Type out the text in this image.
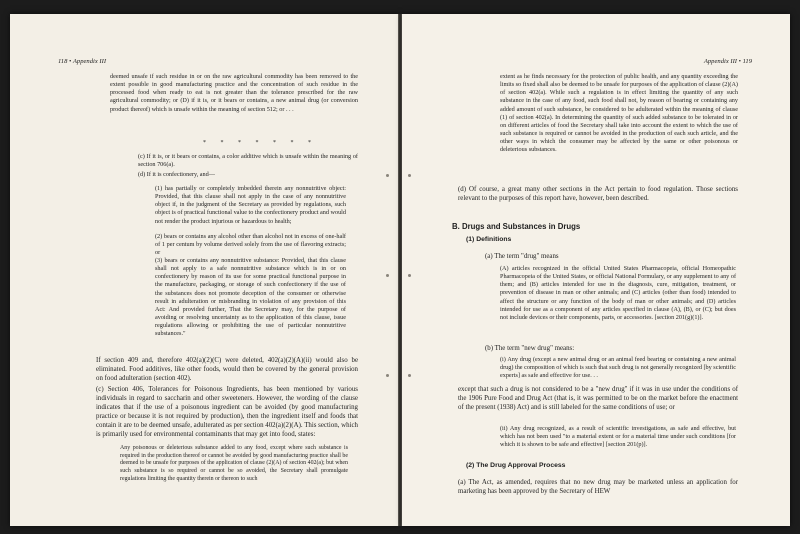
118 • Appendix III
deemed unsafe if such residue in or on the raw agricultural commodity has been removed to the extent possible in good manufacturing practice and the concentration of such residue in the processed food when ready to eat is not greater than the tolerance prescribed for the raw agricultural commodity; or (D) if it is, or it bears or contains, a new animal drug (or conversion product thereof) which is unsafe within the meaning of section 512; or . . .
* * * * * * *
(c) If it is, or it bears or contains, a color additive which is unsafe within the meaning of section 706(a).
(d) If it is confectionery, and—
(1) has partially or completely imbedded therein any nonnutritive object: Provided, that this clause shall not apply in the case of any nonnutritive object if, in the judgment of the Secretary as provided by regulations, such object is of practical functional value to the confectionery product and would not render the product injurious or hazardous to health;
(2) bears or contains any alcohol other than alcohol not in excess of one-half of 1 per centum by volume derived solely from the use of flavoring extracts; or
(3) bears or contains any nonnutritive substance: Provided, that this clause shall not apply to a safe nonnutritive substance which is in or on confectionery by reason of its use for some practical functional purpose in the manufacture, packaging, or storage of such confectionery if the use of the substances does not promote deception of the consumer or otherwise result in adulteration or misbranding in violation of any provision of this Act: And provided further, That the Secretary may, for the purpose of avoiding or resolving uncertainty as to the application of this clause, issue regulations allowing or prohibiting the use of particular nonnutritive substances."
If section 409 and, therefore 402(a)(2)(C) were deleted, 402(a)(2)(A)(ii) would also be eliminated. Food additives, like other foods, would then be covered by the general provision on food adulteration (section 402).
(c) Section 406, Tolerances for Poisonous Ingredients, has been mentioned by various individuals in regard to saccharin and other sweeteners. However, the wording of the clause indicates that if the use of a poisonous ingredient can be avoided (by good manufacturing practice or because it is not required by production), then the ingredient itself and foods that contain it are to be deemed unsafe, adulterated as per section 402(a)(2)(A). This section, which is primarily used for environmental contaminants that may get into food, states:
Any poisonous or deleterious substance added to any food, except where such substance is required in the production thereof or cannot be avoided by good manufacturing practice shall be deemed to be unsafe for purposes of the application of clause (2)(A) of section 402(a); but when such substance is so required or cannot be so avoided, the Secretary shall promulgate regulations limiting the quantity therein or thereon to such
Appendix III • 119
extent as he finds necessary for the protection of public health, and any quantity exceeding the limits so fixed shall also be deemed to be unsafe for purposes of the application of clause (2)(A) of section 402(a). While such a regulation is in effect limiting the quantity of any such substance in the case of any food, such food shall not, by reason of bearing or containing any added amount of such substance, be considered to be adulterated within the meaning of clause (1) of section 402(a). In determining the quantity of such added substance to be tolerated in or on different articles of food the Secretary shall take into account the extent to which the use of such substance is required or cannot be avoided in the production of each such article, and the other ways in which the consumer may be affected by the same or other poisonous or deleterious substances.
(d) Of course, a great many other sections in the Act pertain to food regulation. Those sections relevant to the purposes of this report have, however, been described.
B. Drugs and Substances in Drugs
(1) Definitions
(a) The term "drug" means
(A) articles recognized in the official United States Pharmacopeia, official Homeopathic Pharmacopeia of the United States, or official National Formulary, or any supplement to any of them; and (B) articles intended for use in the diagnosis, cure, mitigation, treatment, or prevention of disease in man or other animals; and (C) articles (other than food) intended to affect the structure or any function of the body of man or other animals; and (D) articles intended for use as a component of any articles specified in clause (A), (B), or (C); but does not include devices or their components, parts, or accessories. [section 201(g)(1)].
(b) The term "new drug" means:
(i) Any drug (except a new animal drug or an animal feed bearing or containing a new animal drug) the composition of which is such that such drug is not generally recognized [by scientific experts] as safe and effective for use. . .
except that such a drug is not considered to be a "new drug" if it was in use under the conditions of the 1906 Pure Food and Drug Act (that is, it was permitted to be on the market before the enactment of the present (1938) Act) and is still labeled for the same conditions of use; or
(ii) Any drug recognized, as a result of scientific investigations, as safe and effective, but which has not been used "to a material extent or for a material time under such conditions [for which it is shown to be safe and effective] [section 201(p)].
(2) The Drug Approval Process
(a) The Act, as amended, requires that no new drug may be marketed unless an application for marketing has been approved by the Secretary of HEW
